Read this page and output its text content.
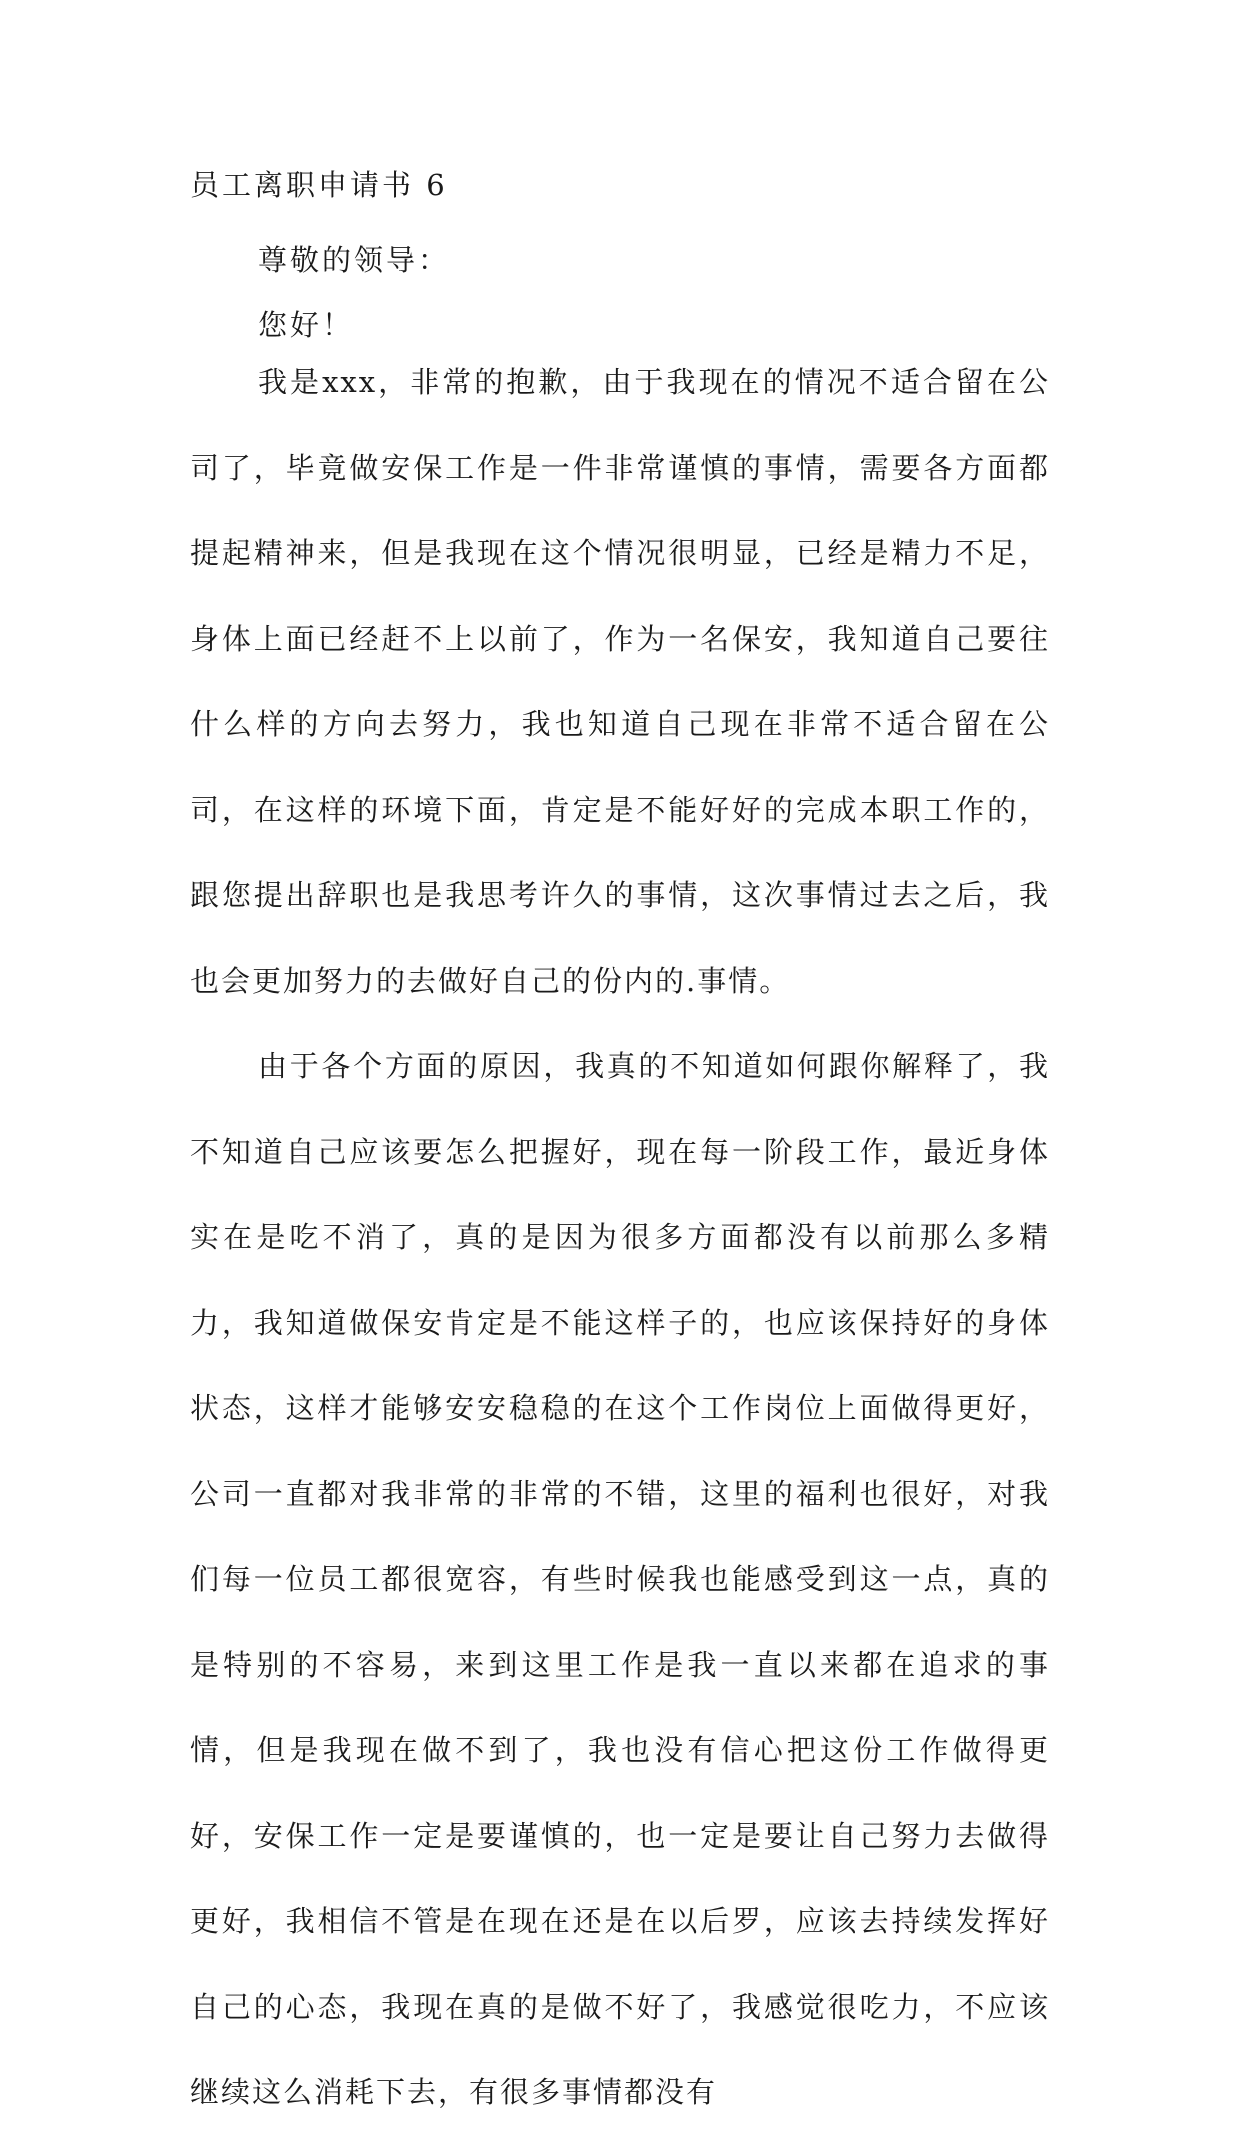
员工离职申请书 6

尊敬的领导：

您好！

我是xxx，非常的抱歉，由于我现在的情况不适合留在公司了，毕竟做安保工作是一件非常谨慎的事情，需要各方面都提起精神来，但是我现在这个情况很明显，已经是精力不足，身体上面已经赶不上以前了，作为一名保安，我知道自己要往什么样的方向去努力，我也知道自己现在非常不适合留在公司，在这样的环境下面，肯定是不能好好的完成本职工作的，跟您提出辞职也是我思考许久的事情，这次事情过去之后，我也会更加努力的去做好自己的份内的.事情。

由于各个方面的原因，我真的不知道如何跟你解释了，我不知道自己应该要怎么把握好，现在每一阶段工作，最近身体实在是吃不消了，真的是因为很多方面都没有以前那么多精力，我知道做保安肯定是不能这样子的，也应该保持好的身体状态，这样才能够安安稳稳的在这个工作岗位上面做得更好，公司一直都对我非常的非常的不错，这里的福利也很好，对我们每一位员工都很宽容，有些时候我也能感受到这一点，真的是特别的不容易，来到这里工作是我一直以来都在追求的事情，但是我现在做不到了，我也没有信心把这份工作做得更好，安保工作一定是要谨慎的，也一定是要让自己努力去做得更好，我相信不管是在现在还是在以后罗，应该去持续发挥好自己的心态，我现在真的是做不好了，我感觉很吃力，不应该继续这么消耗下去，有很多事情都没有
